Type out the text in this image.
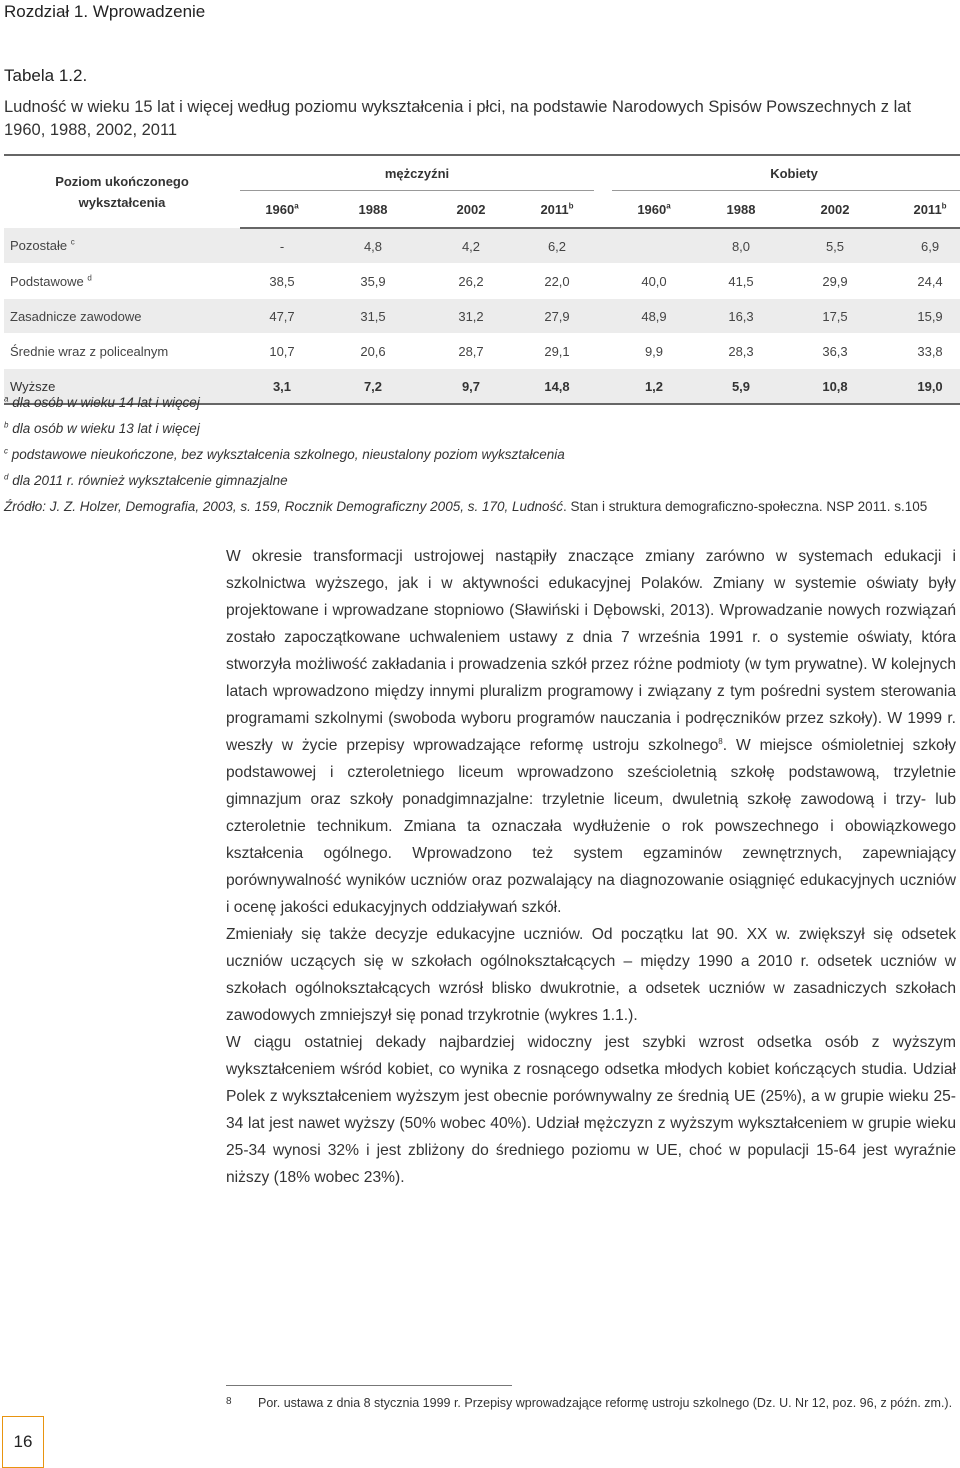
Rozdział 1. Wprowadzenie
Tabela 1.2.
Ludność w wieku 15 lat i więcej według poziomu wykształcenia i płci, na podstawie Narodowych Spisów Powszechnych z lat 1960, 1988, 2002, 2011
Poziom ukończonego
wykształcenia	mężczyźni					Kobiety			
	1960$^a$	1988	2002	2011$^b$		1960$^a$	1988	2002	2011$^b$
Pozostałe $^c$	-	4,8	4,2	6,2			8,0	5,5	6,9
Podstawowe $^d$	38,5	35,9	26,2	22,0		40,0	41,5	29,9	24,4
Zasadnicze zawodowe	47,7	31,5	31,2	27,9		48,9	16,3	17,5	15,9
Średnie wraz z policealnym	10,7	20,6	28,7	29,1		9,9	28,3	36,3	33,8
Wyższe	3,1	7,2	9,7	14,8		1,2	5,9	10,8	19,0
$^a$ dla osób w wieku 14 lat i więcej
$^b$ dla osób w wieku 13 lat i więcej
$^c$ podstawowe nieukończone, bez wykształcenia szkolnego, nieustalony poziom wykształcenia
$^d$ dla 2011 r. również wykształcenie gimnazjalne
Źródło: J. Z. Holzer, Demografia, 2003, s. 159, Rocznik Demograficzny 2005, s. 170, Ludność. Stan i struktura demograficzno-społeczna. NSP 2011. s.105

W okresie transformacji ustrojowej nastąpiły znaczące zmiany zarówno w systemach edukacji i szkolnictwa wyższego, jak i w aktywności edukacyjnej Polaków. Zmiany w systemie oświaty były projektowane i wprowadzane stopniowo (Sławiński i Dębowski, 2013). Wprowadzanie nowych rozwiązań zostało zapoczątkowane uchwaleniem ustawy z dnia 7 września 1991 r. o systemie oświaty, która stworzyła możliwość zakładania i prowadzenia szkół przez różne podmioty (w tym prywatne). W kolejnych latach wprowadzono między innymi pluralizm programowy i związany z tym pośredni system sterowania programami szkolnymi (swoboda wyboru programów nauczania i podręczników przez szkoły). W 1999 r. weszły w życie przepisy wprowadzające reformę ustroju szkolnego$^8$. W miejsce ośmioletniej szkoły podstawowej i czteroletniego liceum wprowadzono sześcioletnią szkołę podstawową, trzyletnie gimnazjum oraz szkoły ponadgimnazjalne: trzyletnie liceum, dwuletnią szkołę zawodową i trzy- lub czteroletnie technikum. Zmiana ta oznaczała wydłużenie o rok powszechnego i obowiązkowego kształcenia ogólnego. Wprowadzono też system egzaminów zewnętrznych, zapewniający porównywalność wyników uczniów oraz pozwalający na diagnozowanie osiągnięć edukacyjnych uczniów i ocenę jakości edukacyjnych oddziaływań szkół.

Zmieniały się także decyzje edukacyjne uczniów. Od początku lat 90. XX w. zwiększył się odsetek uczniów uczących się w szkołach ogólnokształcących – między 1990 a 2010 r. odsetek uczniów w szkołach ogólnokształcących wzrósł blisko dwukrotnie, a odsetek uczniów w zasadniczych szkołach zawodowych zmniejszył się ponad trzykrotnie (wykres 1.1.).

W ciągu ostatniej dekady najbardziej widoczny jest szybki wzrost odsetka osób z wyższym wykształceniem wśród kobiet, co wynika z rosnącego odsetka młodych kobiet kończących studia. Udział Polek z wykształceniem wyższym jest obecnie porównywalny ze średnią UE (25%), a w grupie wieku 25-34 lat jest nawet wyższy (50% wobec 40%). Udział mężczyzn z wyższym wykształceniem w grupie wieku 25-34 wynosi 32% i jest zbliżony do średniego poziomu w UE, choć w populacji 15-64 jest wyraźnie niższy (18% wobec 23%).

8 Por. ustawa z dnia 8 stycznia 1999 r. Przepisy wprowadzające reformę ustroju szkolnego (Dz. U. Nr 12, poz. 96, z późn. zm.).
16
